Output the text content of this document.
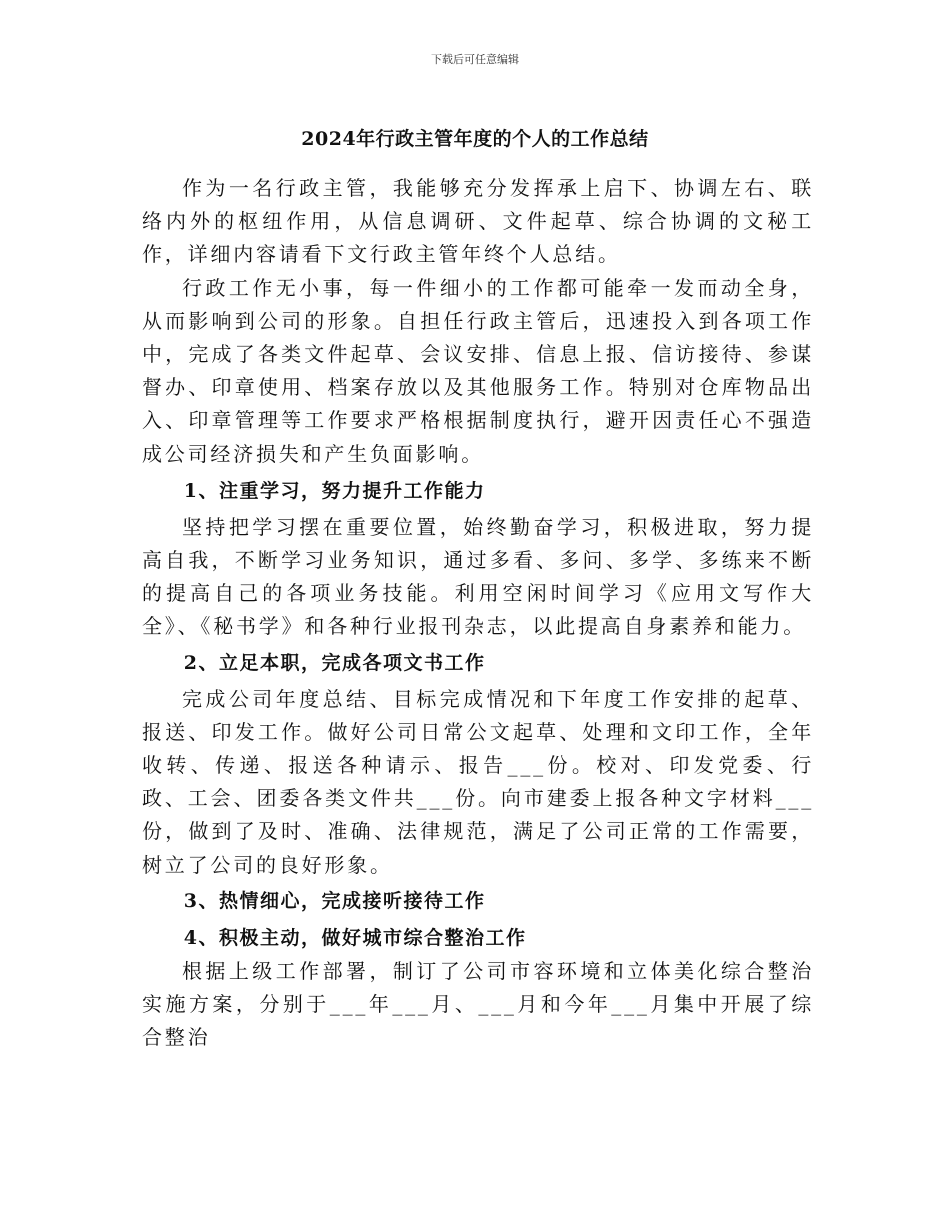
下载后可任意编辑
2024年行政主管年度的个人的工作总结

作为一名行政主管，我能够充分发挥承上启下、协调左右、联络内外的枢纽作用，从信息调研、文件起草、综合协调的文秘工作，详细内容请看下文行政主管年终个人总结。

行政工作无小事，每一件细小的工作都可能牵一发而动全身，从而影响到公司的形象。自担任行政主管后，迅速投入到各项工作中，完成了各类文件起草、会议安排、信息上报、信访接待、参谋督办、印章使用、档案存放以及其他服务工作。特别对仓库物品出入、印章管理等工作要求严格根据制度执行，避开因责任心不强造成公司经济损失和产生负面影响。

1、注重学习，努力提升工作能力

坚持把学习摆在重要位置，始终勤奋学习，积极进取，努力提高自我，不断学习业务知识，通过多看、多问、多学、多练来不断的提高自己的各项业务技能。利用空闲时间学习《应用文写作大全》、《秘书学》和各种行业报刊杂志，以此提高自身素养和能力。

2、立足本职，完成各项文书工作

完成公司年度总结、目标完成情况和下年度工作安排的起草、报送、印发工作。做好公司日常公文起草、处理和文印工作，全年收转、传递、报送各种请示、报告___份。校对、印发党委、行政、工会、团委各类文件共___份。向市建委上报各种文字材料___份，做到了及时、准确、法律规范，满足了公司正常的工作需要，树立了公司的良好形象。

3、热情细心，完成接听接待工作

4、积极主动，做好城市综合整治工作

根据上级工作部署，制订了公司市容环境和立体美化综合整治实施方案，分别于___年___月、___月和今年___月集中开展了综合整治
